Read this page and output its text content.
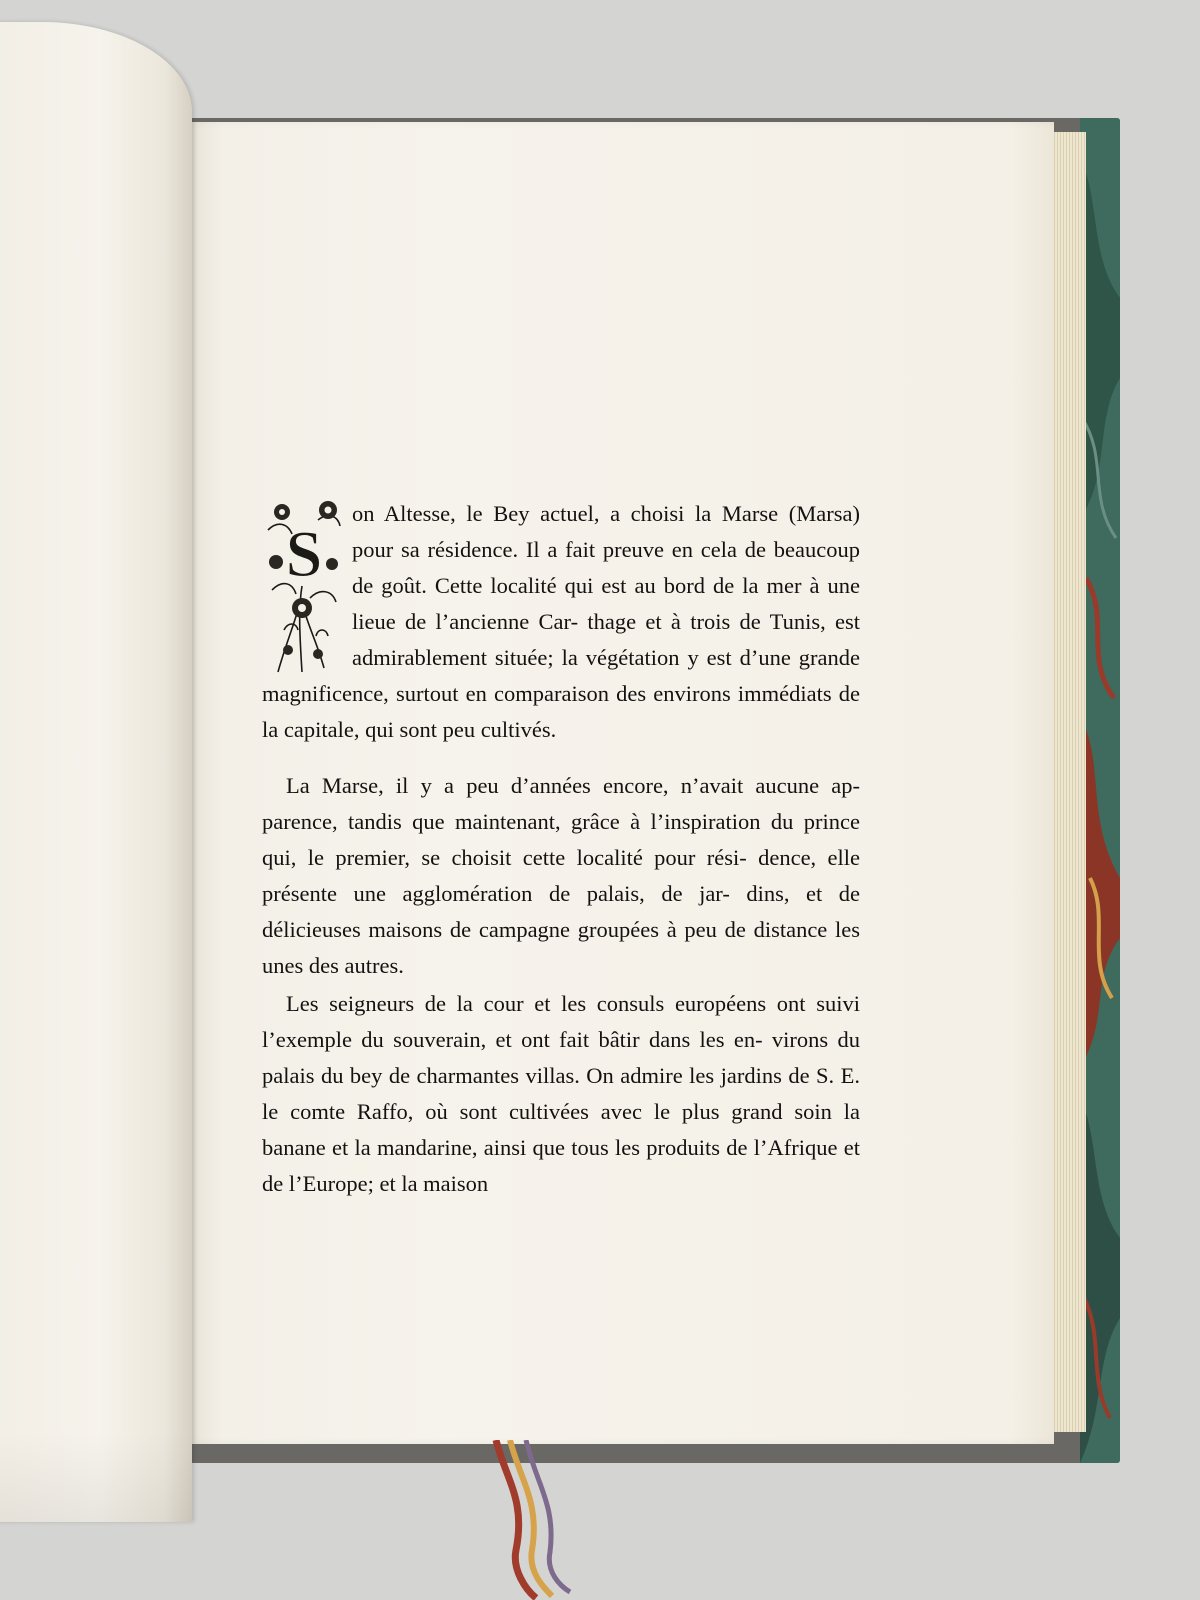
S
on Altesse, le Bey actuel, a choisi la Marse (Marsa) pour sa résidence. Il a fait preuve en cela de beaucoup de goût. Cette localité qui est au bord de la mer à une lieue de l’ancienne Car- thage et à trois de Tunis, est admirablement située; la végétation y est d’une grande magnificence, surtout en comparaison des environs immédiats de la capitale, qui sont peu cultivés.

La Marse, il y a peu d’années encore, n’avait aucune ap- parence, tandis que maintenant, grâce à l’inspiration du prince qui, le premier, se choisit cette localité pour rési- dence, elle présente une agglomération de palais, de jar- dins, et de délicieuses maisons de campagne groupées à peu de distance les unes des autres.

Les seigneurs de la cour et les consuls européens ont suivi l’exemple du souverain, et ont fait bâtir dans les en- virons du palais du bey de charmantes villas. On admire les jardins de S. E. le comte Raffo, où sont cultivées avec le plus grand soin la banane et la mandarine, ainsi que tous les produits de l’Afrique et de l’Europe; et la maison
